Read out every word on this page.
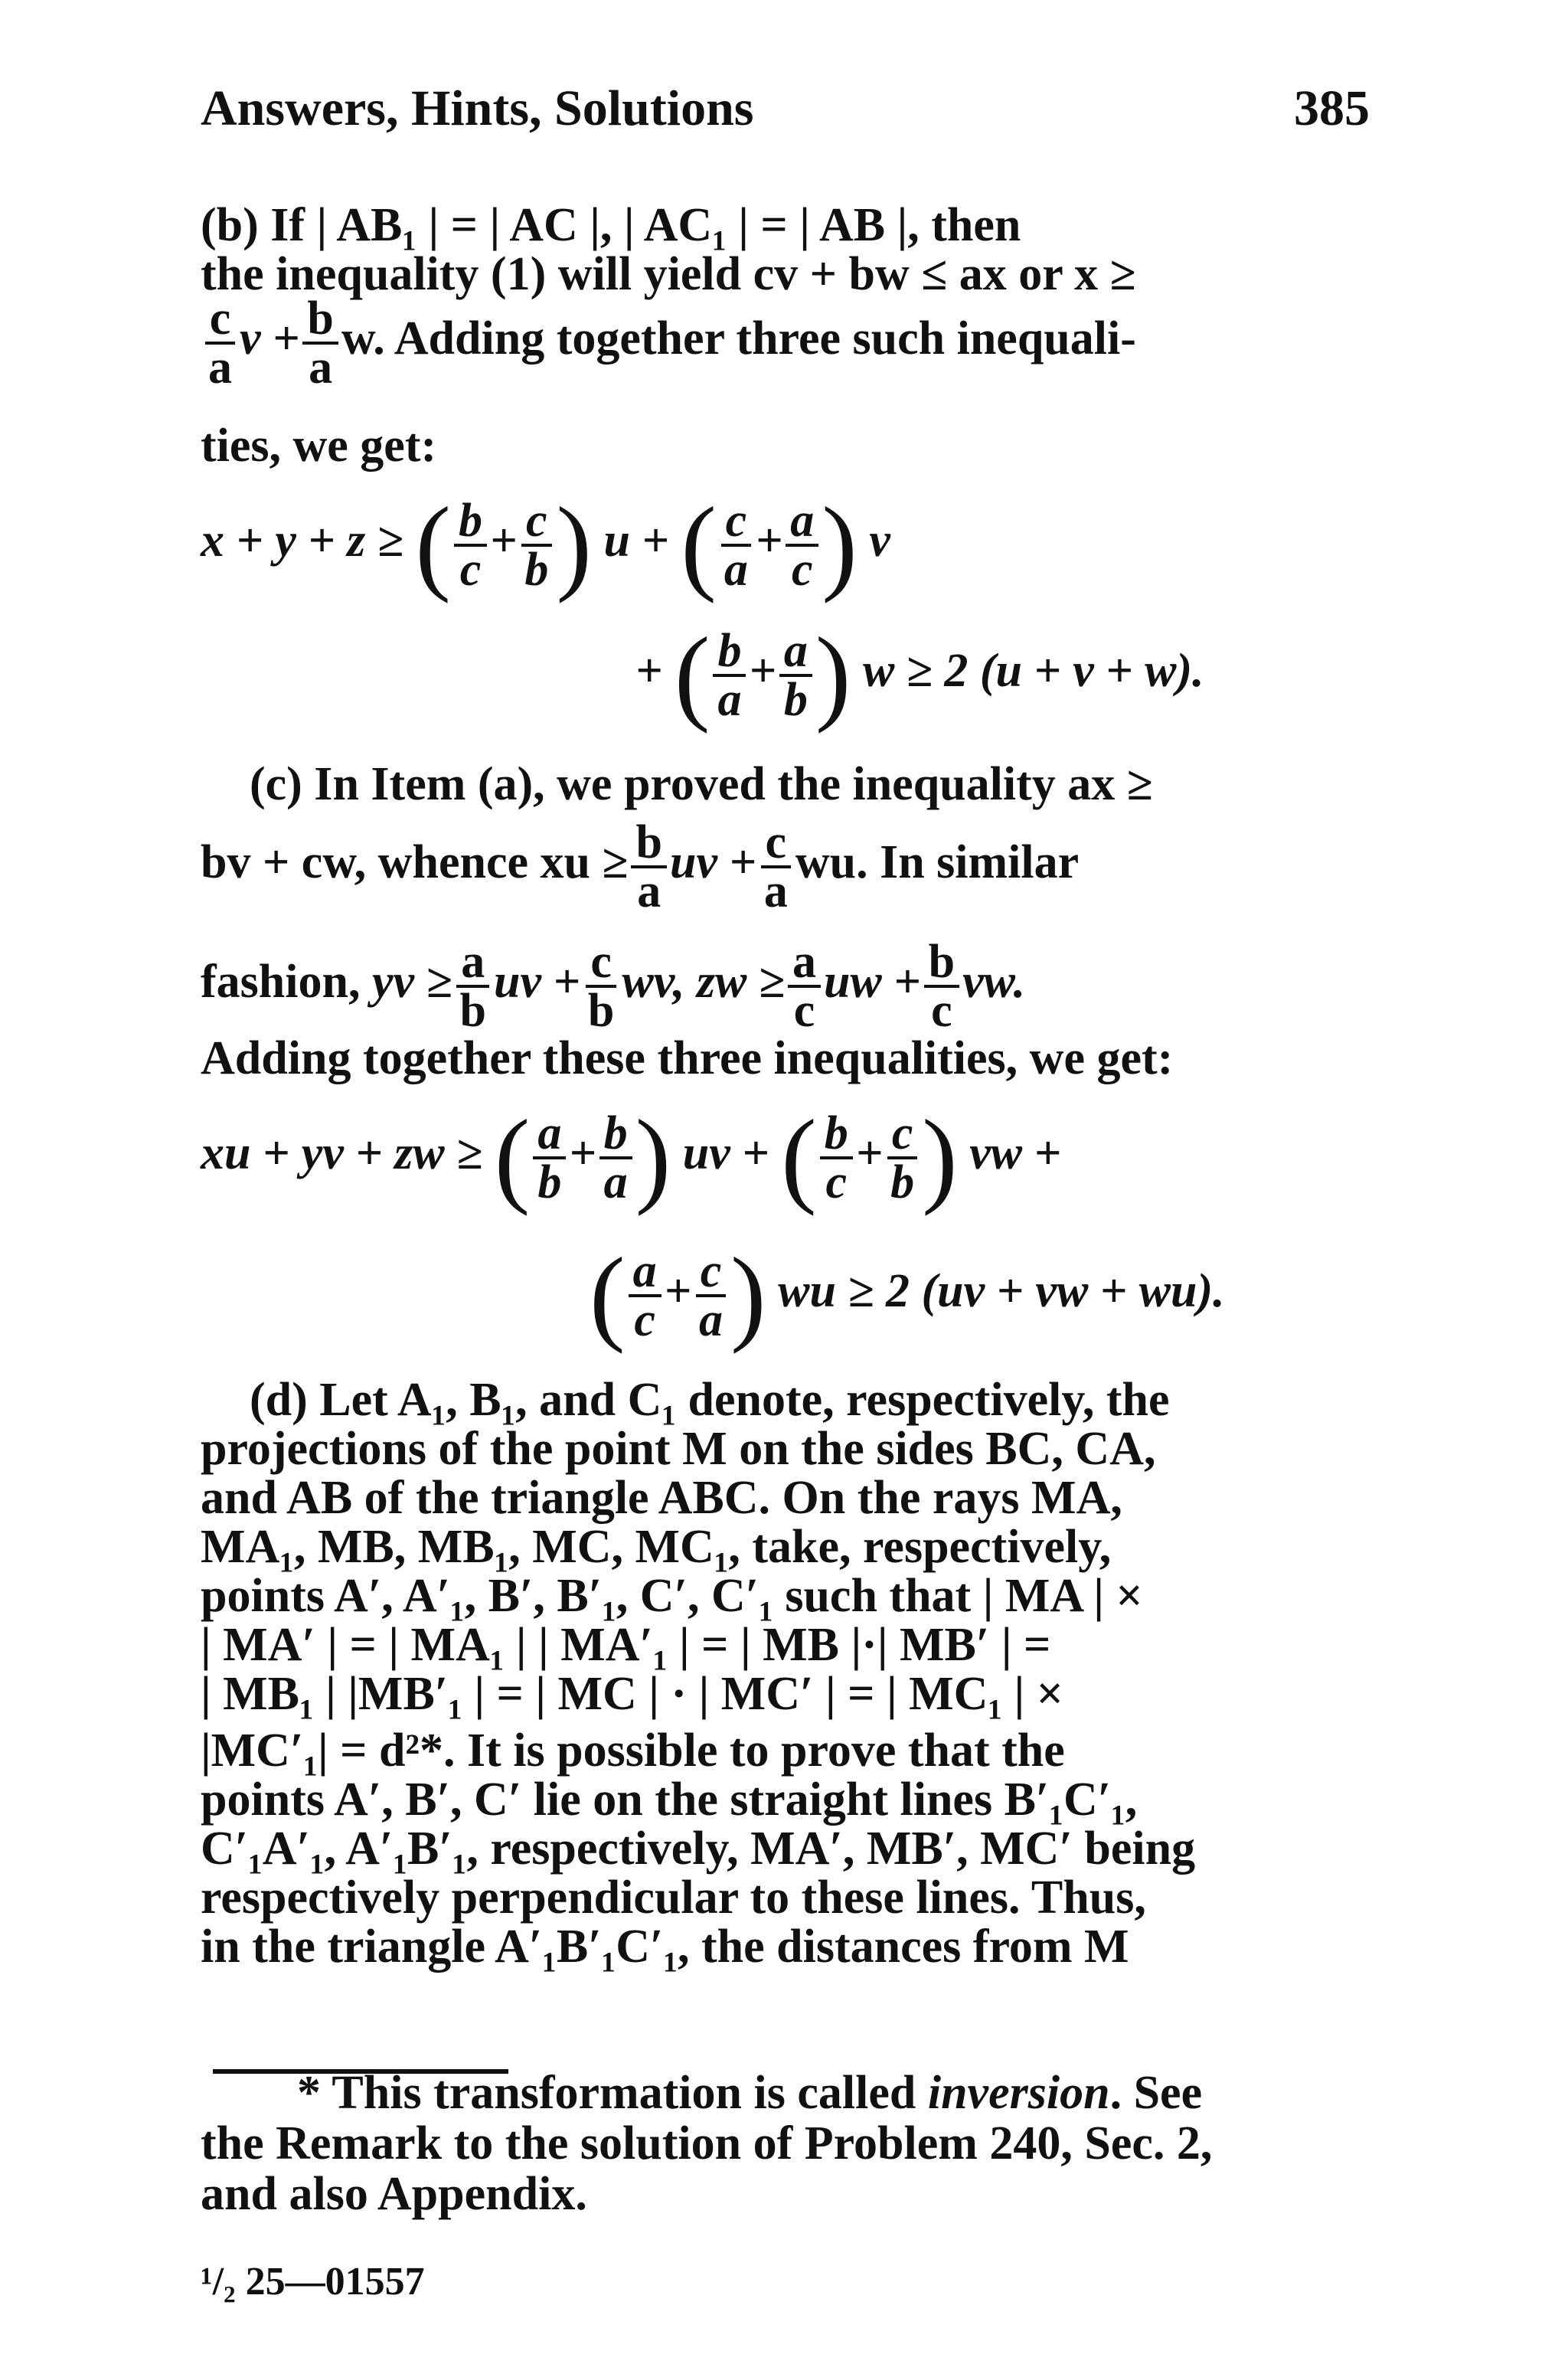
Answers, Hints, Solutions	385
(b) If | AB₁ | = | AC |, | AC₁ | = | AB |, then
the inequality (1) will yield cv + bw ≤ ax or x ≥
$\frac{c}{a}$ $v + \frac{b}{a} w$. Adding together three such inequali-
ties, we get:
x + y + z ≥ ( $\frac{b}{c} + \frac{c}{b}$ ) u + ( $\frac{c}{a} + \frac{a}{c}$ ) v
+ ( $\frac{b}{a} + \frac{a}{b}$ ) w ≥ 2 (u + v + w).
(c) In Item (a), we proved the inequality ax ≥
bv + cw, whence xu ≥ $\frac{b}{a}$ uv + $\frac{c}{a}$ wu. In similar
fashion, yv ≥ $\frac{a}{b}$ uv + $\frac{c}{b}$ wv, zw ≥ $\frac{a}{c}$ uw + $\frac{b}{c}$ vw.
Adding together these three inequalities, we get:
xu + yv + zw ≥ ( $\frac{a}{b} + \frac{b}{a}$ ) uv + ( $\frac{b}{c} + \frac{c}{b}$ ) vw +
( $\frac{a}{c} + \frac{c}{a}$ ) wu ≥ 2 (uv + vw + wu).
(d) Let A₁, B₁, and C₁ denote, respectively, the
projections of the point M on the sides BC, CA,
and AB of the triangle ABC. On the rays MA,
MA₁, MB, MB₁, MC, MC₁, take, respectively,
points A′, A′₁, B′, B′₁, C′, C′₁ such that | MA | ×
| MA′ | = | MA₁ | | MA′₁ | = | MB |·| MB′ | =
| MB₁ | |MB′₁ | = | MC | · | MC′ | = | MC₁ | ×
|MC′₁| = d²*. It is possible to prove that the
points A′, B′, C′ lie on the straight lines B′₁C′₁,
C′₁A′₁, A′₁B′₁, respectively, MA′, MB′, MC′ being
respectively perpendicular to these lines. Thus,
in the triangle A′₁B′₁C′₁, the distances from M
* This transformation is called inversion. See
the Remark to the solution of Problem 240, Sec. 2,
and also Appendix.
¹/₂ 25—01557
